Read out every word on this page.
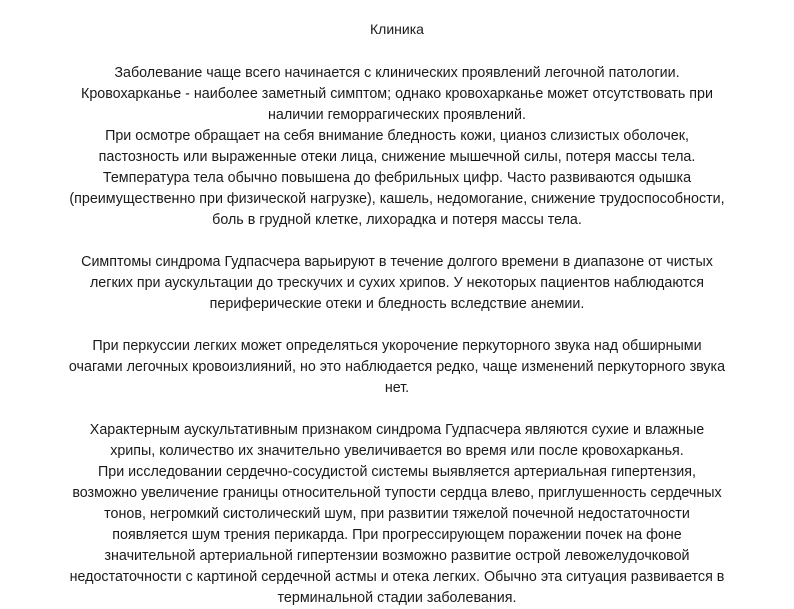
Клиника

Заболевание чаще всего начинается с клинических проявлений легочной патологии.
Кровохарканье - наиболее заметный симптом; однако кровохарканье может отсутствовать при
наличии геморрагических проявлений.
При осмотре обращает на себя внимание бледность кожи, цианоз слизистых оболочек,
пастозность или выраженные отеки лица, снижение мышечной силы, потеря массы тела.
Температура тела обычно повышена до фебрильных цифр. Часто развиваются одышка
(преимущественно при физической нагрузке), кашель, недомогание, снижение трудоспособности,
боль в грудной клетке, лихорадка и потеря массы тела.

Симптомы синдрома Гудпасчера варьируют в течение долгого времени в диапазоне от чистых
легких при аускультации до трескучих и сухих хрипов. У некоторых пациентов наблюдаются
периферические отеки и бледность вследствие анемии.

При перкуссии легких может определяться укорочение перкуторного звука над обширными
очагами легочных кровоизлияний, но это наблюдается редко, чаще изменений перкуторного звука
нет.

Характерным аускультативным признаком синдрома Гудпасчера являются сухие и влажные
хрипы, количество их значительно увеличивается во время или после кровохарканья.
При исследовании сердечно-сосудистой системы выявляется артериальная гипертензия,
возможно увеличение границы относительной тупости сердца влево, приглушенность сердечных
тонов, негромкий систолический шум, при развитии тяжелой почечной недостаточности
появляется шум трения перикарда. При прогрессирующем поражении почек на фоне
значительной артериальной гипертензии возможно развитие острой левожелудочковой
недостаточности с картиной сердечной астмы и отека легких. Обычно эта ситуация развивается в
терминальной стадии заболевания.
